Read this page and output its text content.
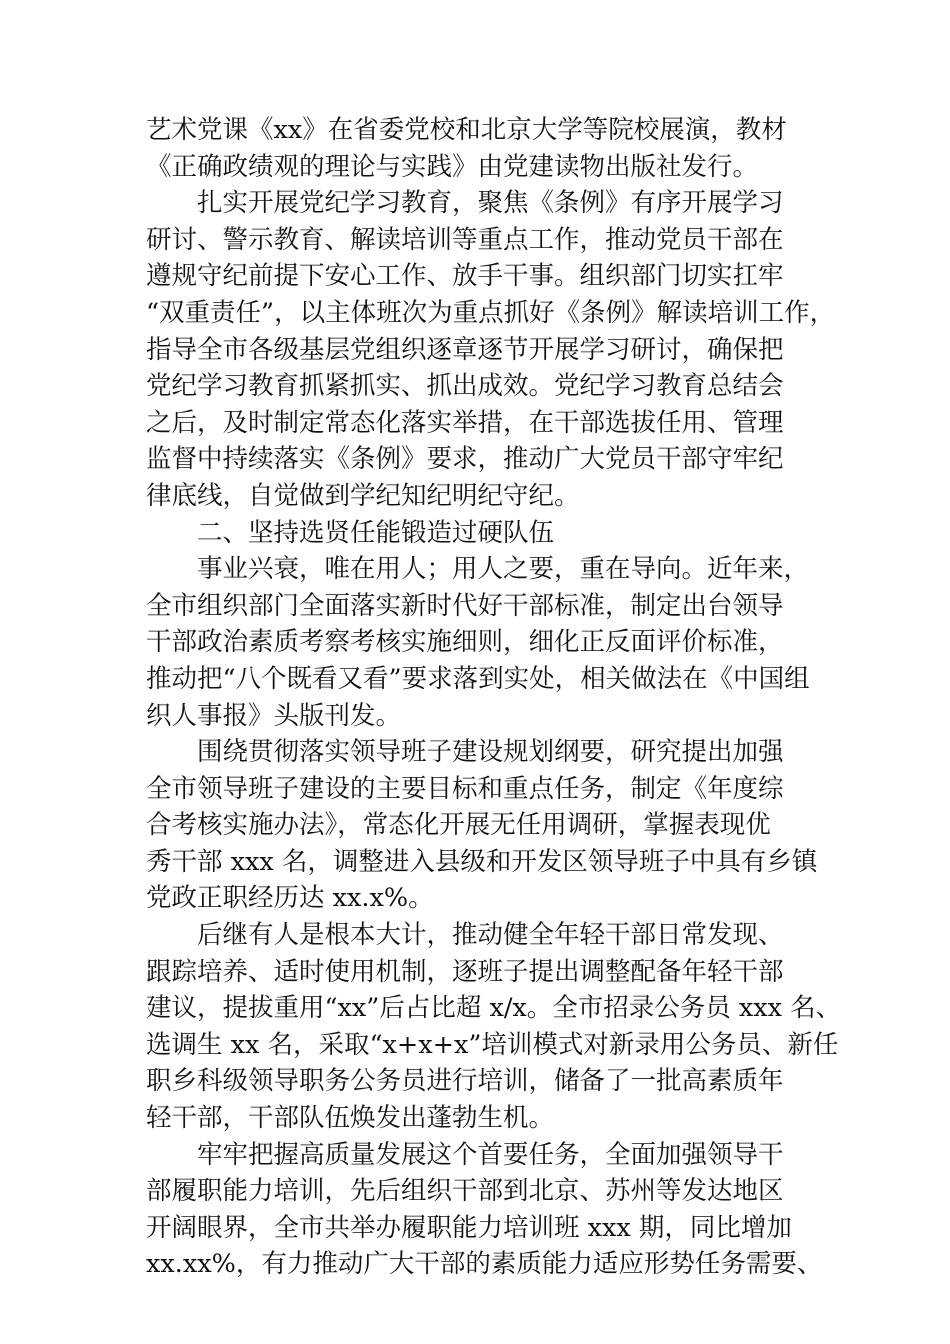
艺术党课《xx》在省委党校和北京大学等院校展演，教材
《正确政绩观的理论与实践》由党建读物出版社发行。
扎实开展党纪学习教育，聚焦《条例》有序开展学习
研讨、警示教育、解读培训等重点工作，推动党员干部在
遵规守纪前提下安心工作、放手干事。组织部门切实扛牢
“双重责任”，以主体班次为重点抓好《条例》解读培训工作，
指导全市各级基层党组织逐章逐节开展学习研讨，确保把
党纪学习教育抓紧抓实、抓出成效。党纪学习教育总结会
之后，及时制定常态化落实举措，在干部选拔任用、管理
监督中持续落实《条例》要求，推动广大党员干部守牢纪
律底线，自觉做到学纪知纪明纪守纪。
二、坚持选贤任能锻造过硬队伍
事业兴衰，唯在用人；用人之要，重在导向。近年来，
全市组织部门全面落实新时代好干部标准，制定出台领导
干部政治素质考察考核实施细则，细化正反面评价标准，
推动把“八个既看又看”要求落到实处，相关做法在《中国组
织人事报》头版刊发。
围绕贯彻落实领导班子建设规划纲要，研究提出加强
全市领导班子建设的主要目标和重点任务，制定《年度综
合考核实施办法》，常态化开展无任用调研，掌握表现优
秀干部 xxx 名，调整进入县级和开发区领导班子中具有乡镇
党政正职经历达 xx.x%。
后继有人是根本大计，推动健全年轻干部日常发现、
跟踪培养、适时使用机制，逐班子提出调整配备年轻干部
建议，提拔重用“xx”后占比超 x/x。全市招录公务员 xxx 名、
选调生 xx 名，采取“x+x+x”培训模式对新录用公务员、新任
职乡科级领导职务公务员进行培训，储备了一批高素质年
轻干部，干部队伍焕发出蓬勃生机。
牢牢把握高质量发展这个首要任务，全面加强领导干
部履职能力培训，先后组织干部到北京、苏州等发达地区
开阔眼界，全市共举办履职能力培训班 xxx 期，同比增加
xx.xx%，有力推动广大干部的素质能力适应形势任务需要、
